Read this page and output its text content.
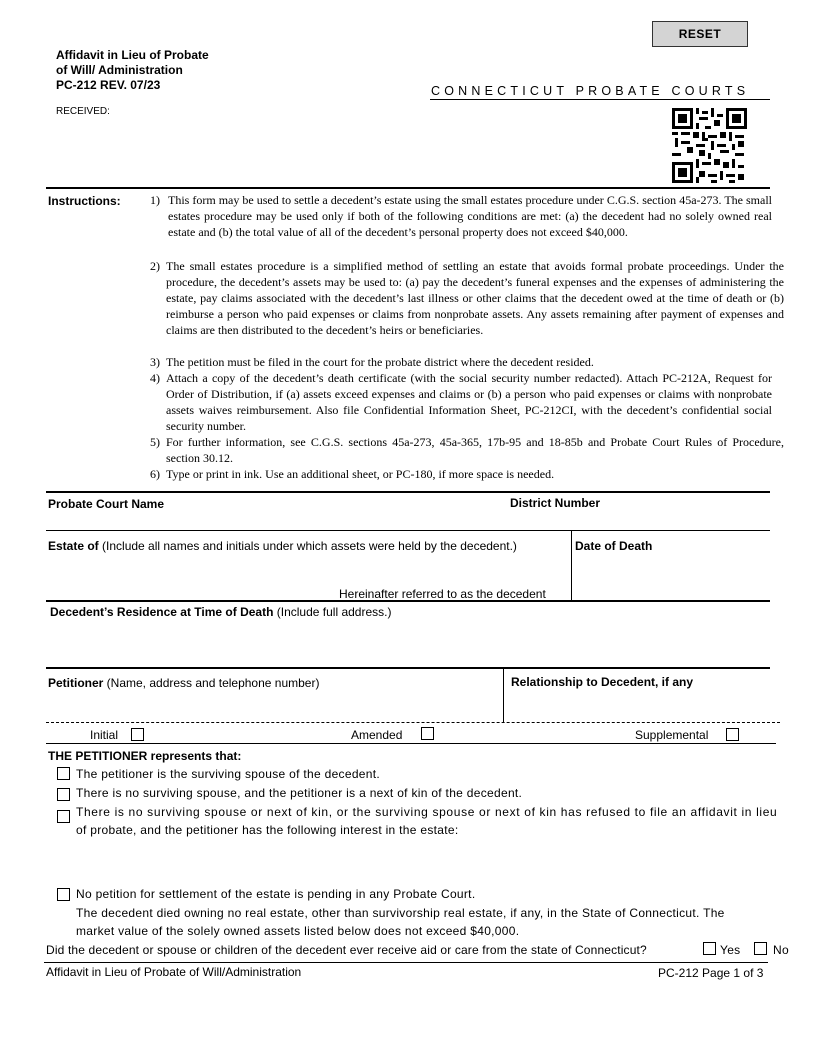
Affidavit in Lieu of Probate
of Will/ Administration
PC-212 REV. 07/23
RESET
CONNECTICUT PROBATE COURTS
RECEIVED:
Instructions:	1) This form may be used to settle a decedent’s estate using the small estates procedure under C.G.S. section 45a-273. The small estates procedure may be used only if both of the following conditions are met: (a) the decedent had no solely owned real estate and (b) the total value of all of the decedent’s personal property does not exceed $40,000.
2) The small estates procedure is a simplified method of settling an estate that avoids formal probate proceedings. Under the procedure, the decedent’s assets may be used to: (a) pay the decedent’s funeral expenses and the expenses of administering the estate, pay claims associated with the decedent’s last illness or other claims that the decedent owed at the time of death or (b) reimburse a person who paid expenses or claims from nonprobate assets. Any assets remaining after payment of expenses and claims are then distributed to the decedent’s heirs or beneficiaries.
3) The petition must be filed in the court for the probate district where the decedent resided.
4) Attach a copy of the decedent’s death certificate (with the social security number redacted). Attach PC-212A, Request for Order of Distribution, if (a) assets exceed expenses and claims or (b) a person who paid expenses or claims with nonprobate assets waives reimbursement. Also file Confidential Information Sheet, PC-212CI, with the decedent’s confidential social security number.
5) For further information, see C.G.S. sections 45a-273, 45a-365, 17b-95 and 18-85b and Probate Court Rules of Procedure, section 30.12.
6) Type or print in ink. Use an additional sheet, or PC-180, if more space is needed.
Probate Court Name	District Number
Estate of (Include all names and initials under which assets were held by the decedent.)	Date of Death
Hereinafter referred to as the decedent
Decedent’s Residence at Time of Death (Include full address.)
Petitioner (Name, address and telephone number)	Relationship to Decedent, if any
Initial	Amended	Supplemental
THE PETITIONER represents that:
The petitioner is the surviving spouse of the decedent.
There is no surviving spouse, and the petitioner is a next of kin of the decedent.
There is no surviving spouse or next of kin, or the surviving spouse or next of kin has refused to file an affidavit in lieu
of probate, and the petitioner has the following interest in the estate:
No petition for settlement of the estate is pending in any Probate Court.
The decedent died owning no real estate, other than survivorship real estate, if any, in the State of Connecticut. The
market value of the solely owned assets listed below does not exceed $40,000.
Did the decedent or spouse or children of the decedent ever receive aid or care from the state of Connecticut?	Yes	No
Affidavit in Lieu of Probate of Will/Administration	PC-212 Page 1 of 3
